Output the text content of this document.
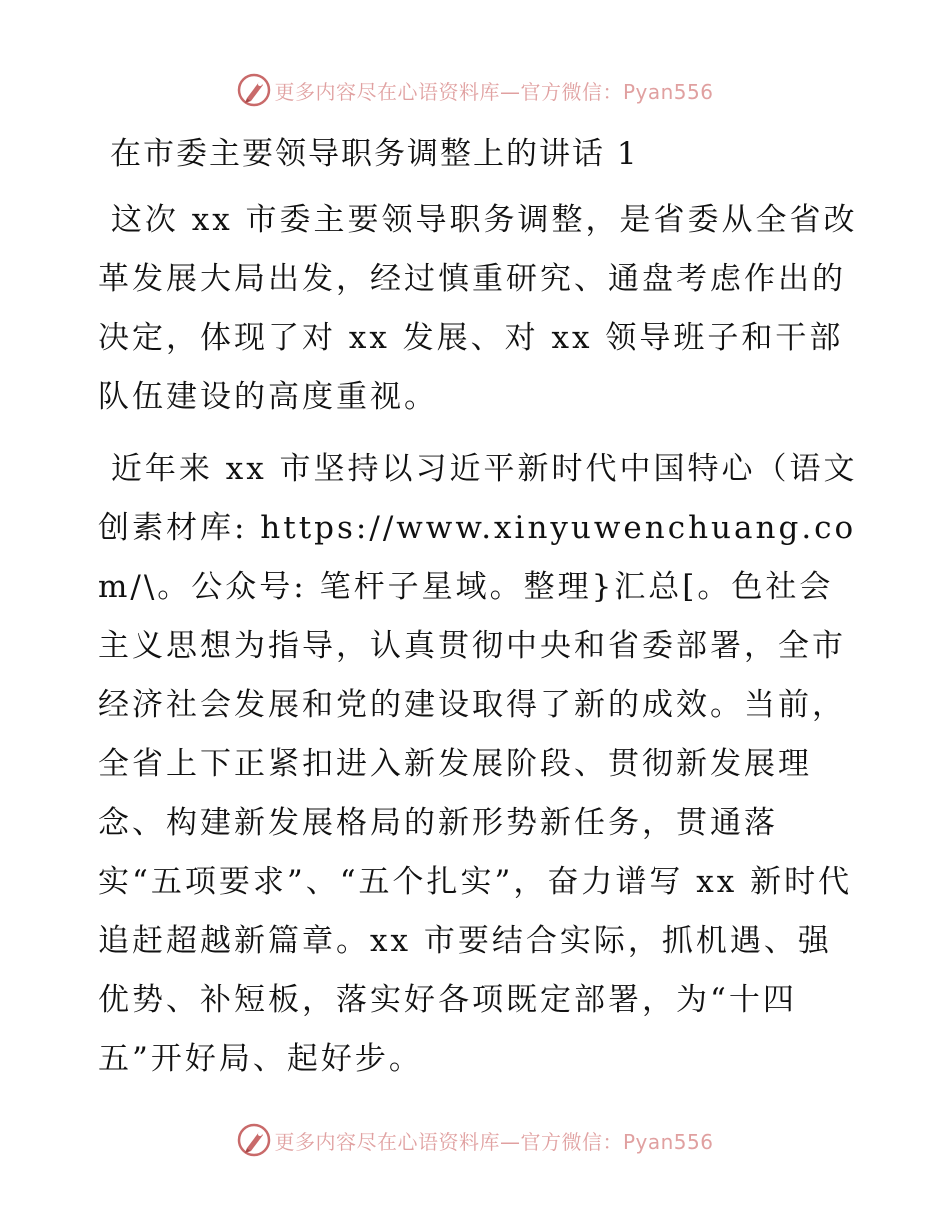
更多内容尽在心语资料库—官方微信：Pyan556
在市委主要领导职务调整上的讲话 1

这次 xx 市委主要领导职务调整，是省委从全省改革发展大局出发，经过慎重研究、通盘考虑作出的决定，体现了对 xx 发展、对 xx 领导班子和干部队伍建设的高度重视。

近年来 xx 市坚持以习近平新时代中国特心（语文创素材库: https://www.xinyuwenchuang.com/\。公众号: 笔杆子星域。整理}汇总[。色社会主义思想为指导，认真贯彻中央和省委部署，全市经济社会发展和党的建设取得了新的成效。当前，全省上下正紧扣进入新发展阶段、贯彻新发展理念、构建新发展格局的新形势新任务，贯通落实“五项要求”、“五个扎实”，奋力谱写 xx 新时代追赶超越新篇章。xx 市要结合实际，抓机遇、强优势、补短板，落实好各项既定部署，为“十四五”开好局、起好步。

更多内容尽在心语资料库—官方微信：Pyan556
